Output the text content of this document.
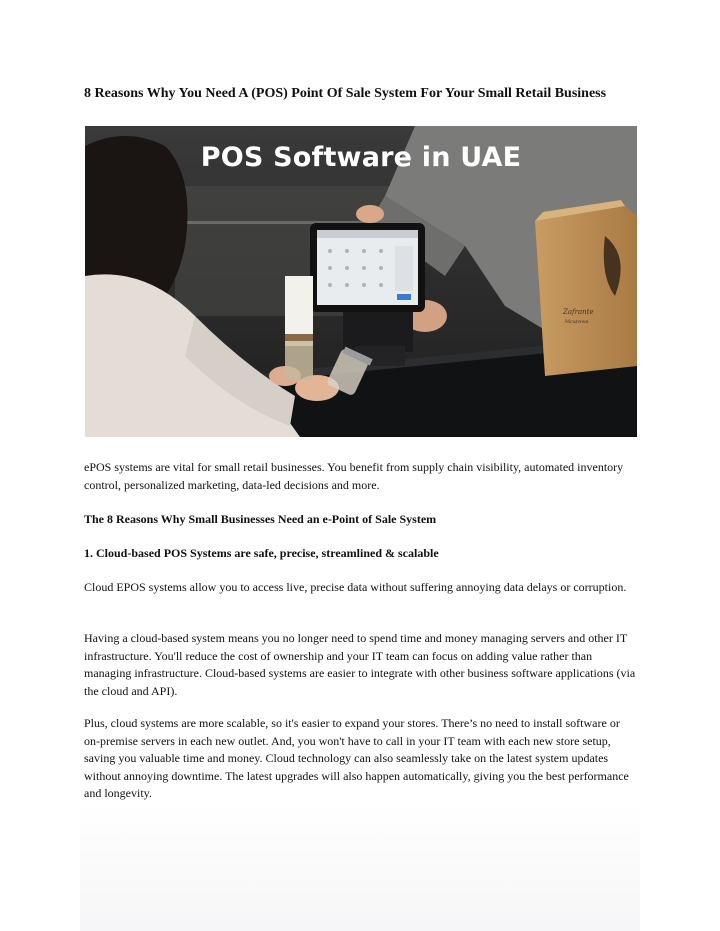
8 Reasons Why You Need A (POS) Point Of Sale System For Your Small Retail Business
Zafrante
Mcarewe
POS Software in UAE

ePOS systems are vital for small retail businesses. You benefit from supply chain visibility, automated inventory control, personalized marketing, data-led decisions and more.

The 8 Reasons Why Small Businesses Need an e-Point of Sale System
1. Cloud-based POS Systems are safe, precise, streamlined & scalable

Cloud EPOS systems allow you to access live, precise data without suffering annoying data delays or corruption.

Having a cloud-based system means you no longer need to spend time and money managing servers and other IT infrastructure. You'll reduce the cost of ownership and your IT team can focus on adding value rather than managing infrastructure. Cloud-based systems are easier to integrate with other business software applications (via the cloud and API).

Plus, cloud systems are more scalable, so it's easier to expand your stores. There’s no need to install software or on-premise servers in each new outlet. And, you won't have to call in your IT team with each new store setup, saving you valuable time and money. Cloud technology can also seamlessly take on the latest system updates without annoying downtime. The latest upgrades will also happen automatically, giving you the best performance and longevity.
